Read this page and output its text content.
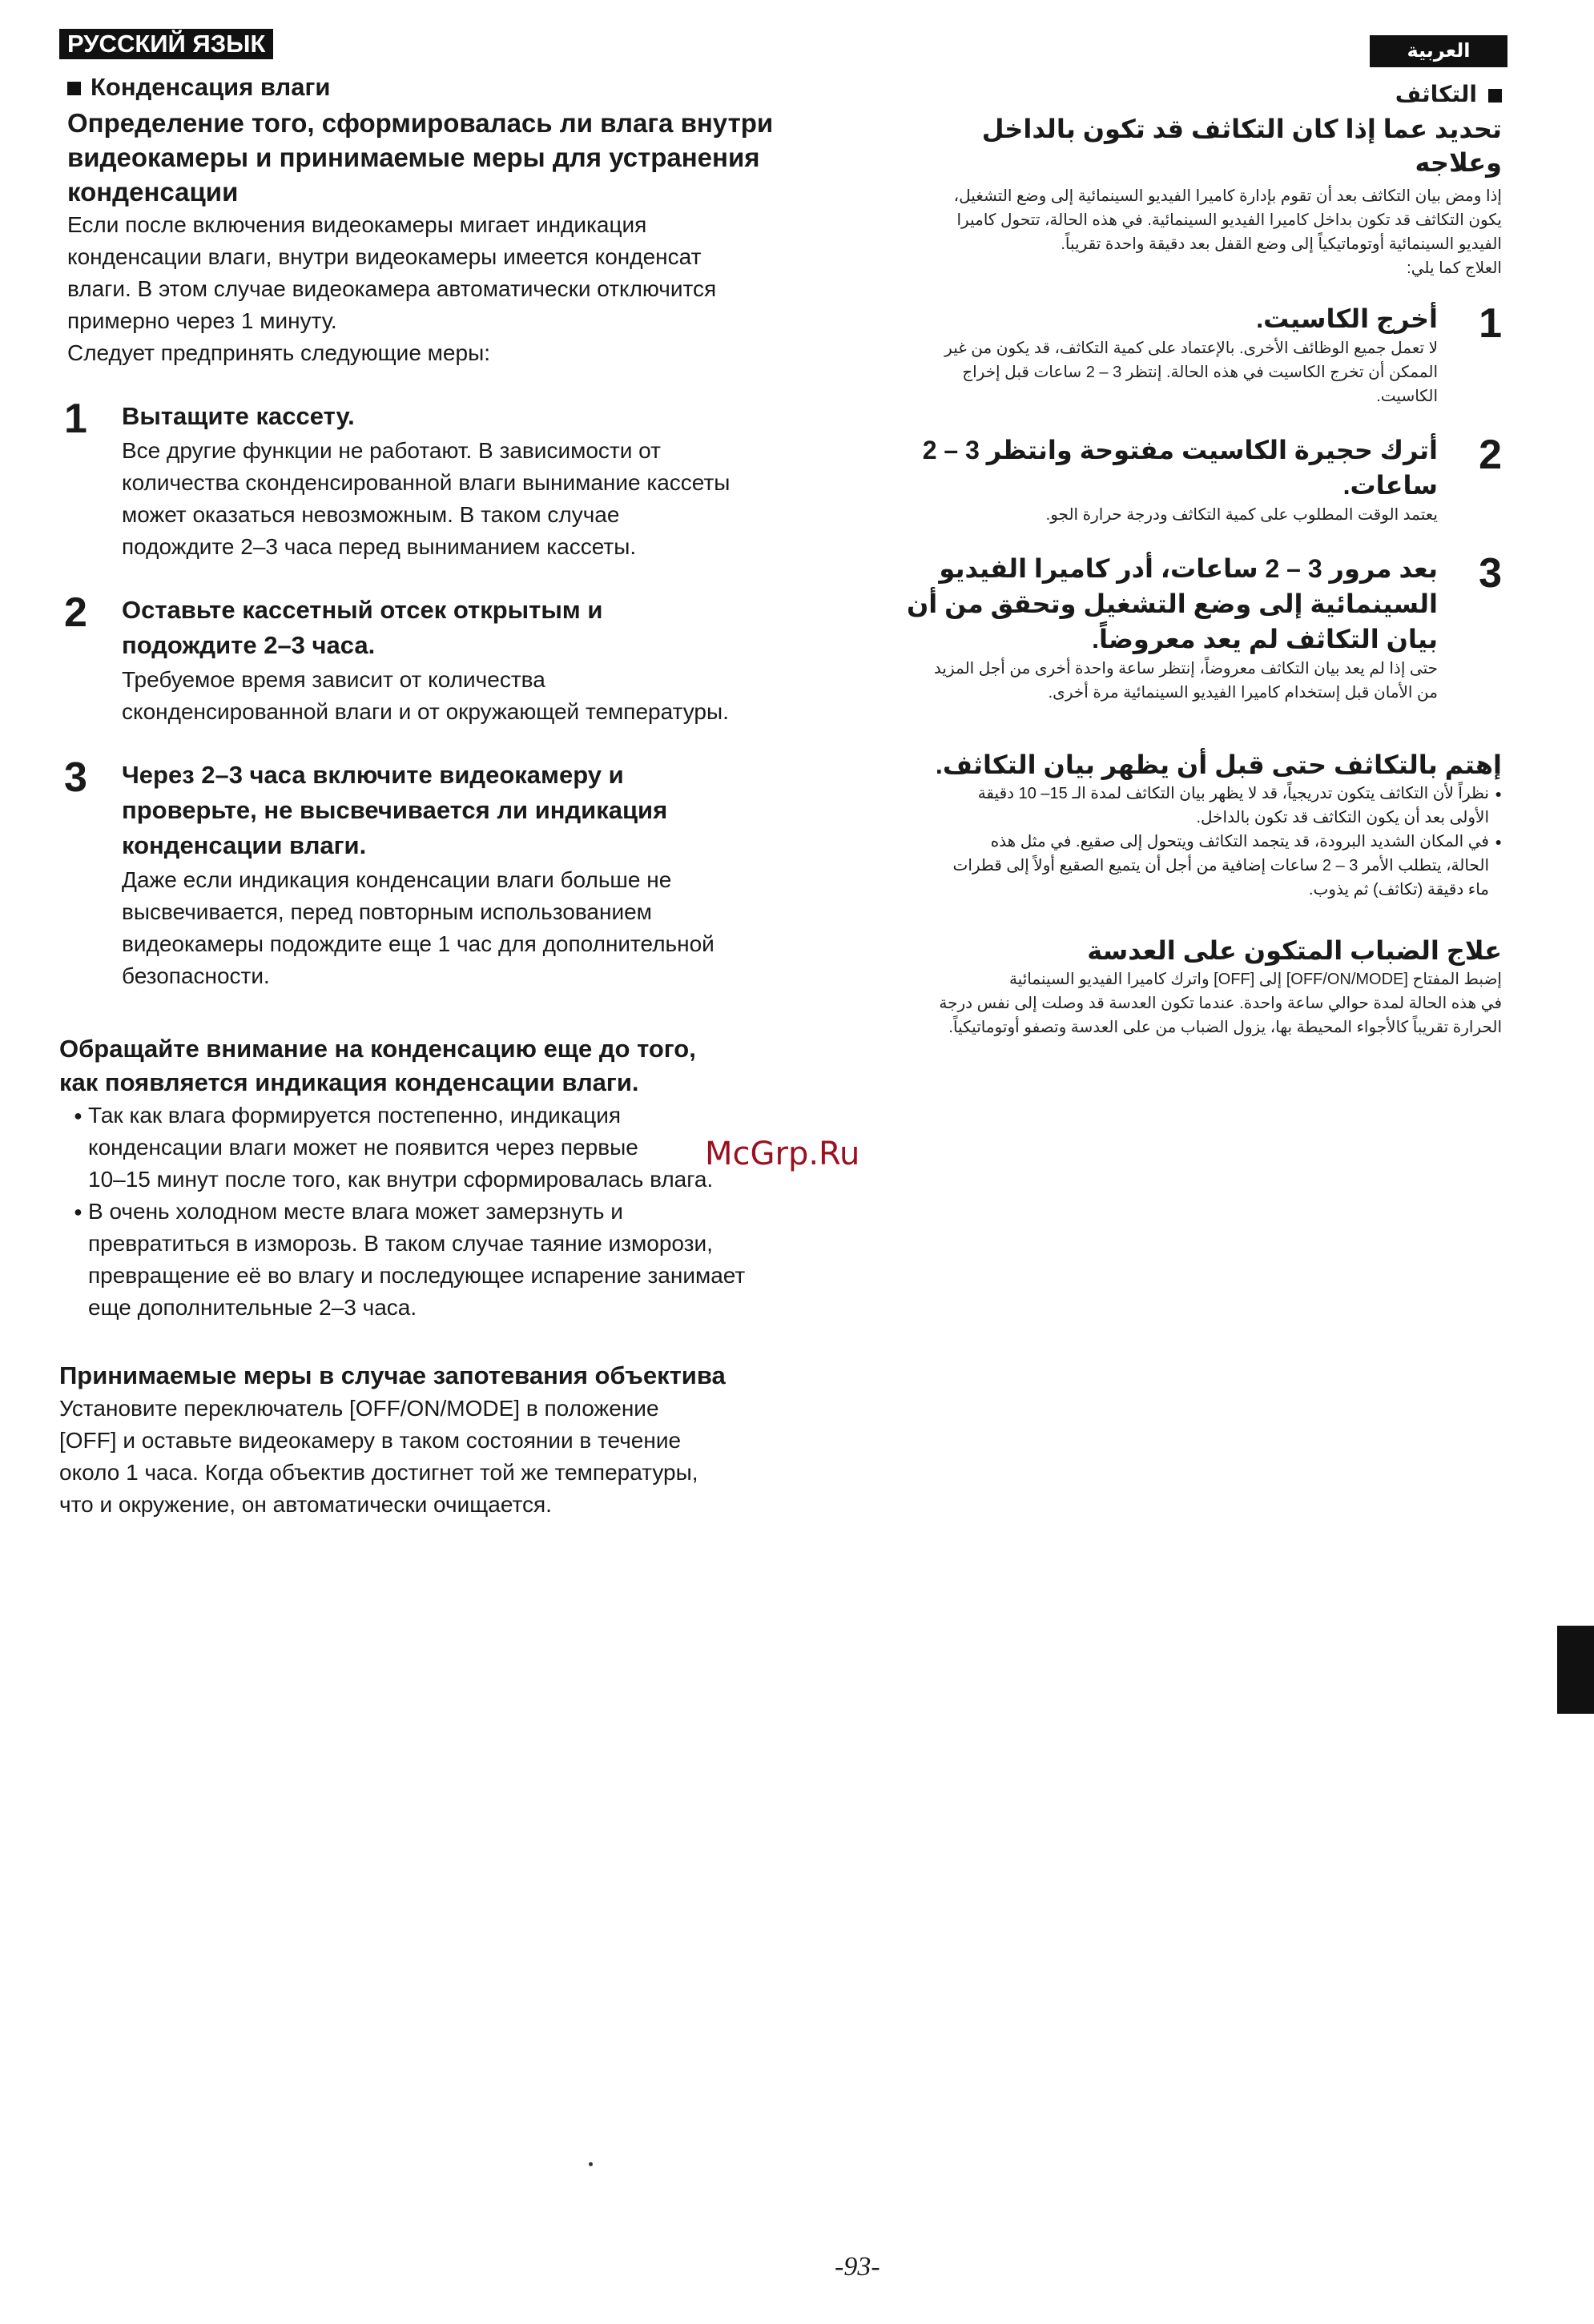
РУССКИЙ ЯЗЫК
Конденсация влаги
Определение того, сформировалась ли влага внутри видеокамеры и принимаемые меры для устранения конденсации

Если после включения видеокамеры мигает индикация

конденсации влаги, внутри видеокамеры имеется конденсат

влаги. В этом случае видеокамера автоматически отключится

примерно через 1 минуту.

Следует предпринять следующие меры:

1 Вытащите кассету.

Все другие функции не работают. В зависимости от

количества сконденсированной влаги вынимание кассеты

может оказаться невозможным. В таком случае

подождите 2–3 часа перед выниманием кассеты.

2 Оставьте кассетный отсек открытым и

подождите 2–3 часа.

Требуемое время зависит от количества

сконденсированной влаги и от окружающей температуры.

3 Через 2–3 часа включите видеокамеру и

проверьте, не высвечивается ли индикация

конденсации влаги.

Даже если индикация конденсации влаги больше не

высвечивается, перед повторным использованием

видеокамеры подождите еще 1 час для дополнительной

безопасности.

Обращайте внимание на конденсацию еще до того,
как появляется индикация конденсации влаги.
● Так как влага формируется постепенно, индикация
конденсации влаги может не появится через первые
10–15 минут после того, как внутри сформировалась влага.
● В очень холодном месте влага может замерзнуть и
превратиться в изморозь. В таком случае таяние изморози,
превращение её во влагу и последующее испарение занимает
еще дополнительные 2–3 часа.
Принимаемые меры в случае запотевания объектива

Установите переключатель [OFF/ON/MODE] в положение

[OFF] и оставьте видеокамеру в таком состоянии в течение

около 1 часа. Когда объектив достигнет той же температуры,

что и окружение, он автоматически очищается.

العربية
التكاثف
تحديد عما إذا كان التكاثف قد تكون بالداخل وعلاجه
إذا ومض بيان التكاثف بعد أن تقوم بإدارة كاميرا الفيديو السينمائية إلى وضع التشغيل،
يكون التكاثف قد تكون بداخل كاميرا الفيديو السينمائية. في هذه الحالة، تتحول كاميرا
الفيديو السينمائية أوتوماتيكياً إلى وضع القفل بعد دقيقة واحدة تقريباً.
العلاج كما يلي:
1
أخرج الكاسيت.
لا تعمل جميع الوظائف الأخرى. بالإعتماد على كمية التكاثف، قد يكون من غير
الممكن أن تخرج الكاسيت في هذه الحالة. إنتظر 3 – 2 ساعات قبل إخراج
الكاسيت.
2
أترك حجيرة الكاسيت مفتوحة وانتظر 3 – 2
ساعات.
يعتمد الوقت المطلوب على كمية التكاثف ودرجة حرارة الجو.
3
بعد مرور 3 – 2 ساعات، أدر كاميرا الفيديو
السينمائية إلى وضع التشغيل وتحقق من أن
بيان التكاثف لم يعد معروضاً.
حتى إذا لم يعد بيان التكاثف معروضاً، إنتظر ساعة واحدة أخرى من أجل المزيد
من الأمان قبل إستخدام كاميرا الفيديو السينمائية مرة أخرى.
إهتم بالتكاثف حتى قبل أن يظهر بيان التكاثف.
● نظراً لأن التكاثف يتكون تدريجياً، قد لا يظهر بيان التكاثف لمدة الـ 15– 10 دقيقة
الأولى بعد أن يكون التكاثف قد تكون بالداخل.
● في المكان الشديد البرودة، قد يتجمد التكاثف ويتحول إلى صقيع. في مثل هذه
الحالة، يتطلب الأمر 3 – 2 ساعات إضافية من أجل أن يتميع الصقيع أولاً إلى قطرات
ماء دقيقة (تكاثف) ثم يذوب.
علاج الضباب المتكون على العدسة
إضبط المفتاح [OFF/ON/MODE] إلى [OFF] واترك كاميرا الفيديو السينمائية
في هذه الحالة لمدة حوالي ساعة واحدة. عندما تكون العدسة قد وصلت إلى نفس درجة
الحرارة تقريباً كالأجواء المحيطة بها، يزول الضباب من على العدسة وتصفو أوتوماتيكياً.
McGrp.Ru
-93-
